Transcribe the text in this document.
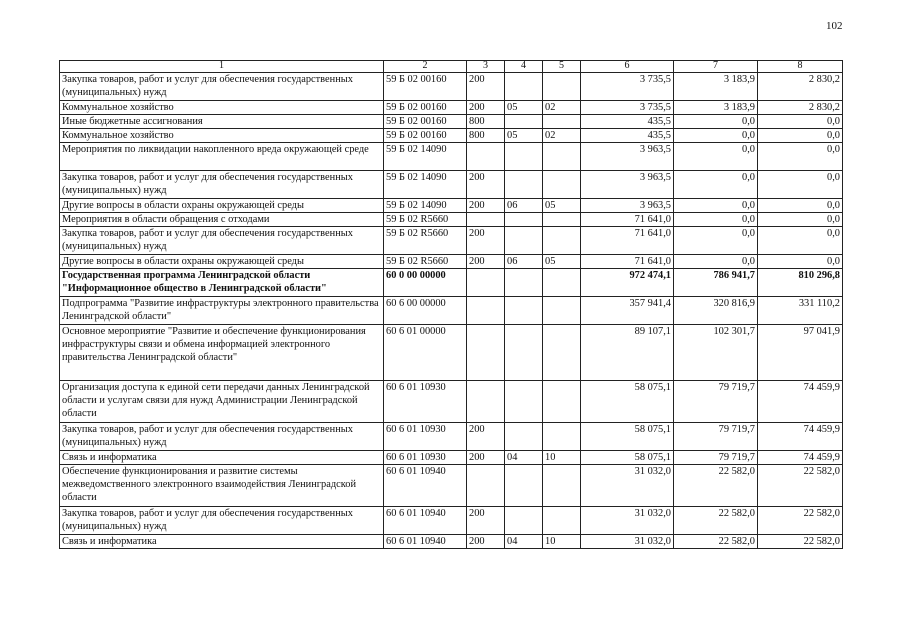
102
1	2	3	4	5	6	7	8
Закупка товаров, работ и услуг для обеспечения государственных (муниципальных) нужд	59 Б 02 00160	200			3 735,5	3 183,9	2 830,2
Коммунальное хозяйство	59 Б 02 00160	200	05	02	3 735,5	3 183,9	2 830,2
Иные бюджетные ассигнования	59 Б 02 00160	800			435,5	0,0	0,0
Коммунальное хозяйство	59 Б 02 00160	800	05	02	435,5	0,0	0,0
Мероприятия по ликвидации накопленного вреда окружающей среде	59 Б 02 14090				3 963,5	0,0	0,0
Закупка товаров, работ и услуг для обеспечения государственных (муниципальных) нужд	59 Б 02 14090	200			3 963,5	0,0	0,0
Другие вопросы в области охраны окружающей среды	59 Б 02 14090	200	06	05	3 963,5	0,0	0,0
Мероприятия в области обращения с отходами	59 Б 02 R5660				71 641,0	0,0	0,0
Закупка товаров, работ и услуг для обеспечения государственных (муниципальных) нужд	59 Б 02 R5660	200			71 641,0	0,0	0,0
Другие вопросы в области охраны окружающей среды	59 Б 02 R5660	200	06	05	71 641,0	0,0	0,0
Государственная программа Ленинградской области "Информационное общество в Ленинградской области"	60 0 00 00000				972 474,1	786 941,7	810 296,8
Подпрограмма "Развитие инфраструктуры электронного правительства Ленинградской области"	60 6 00 00000				357 941,4	320 816,9	331 110,2
Основное мероприятие "Развитие и обеспечение функционирования инфраструктуры связи и обмена информацией электронного правительства Ленинградской области"	60 6 01 00000				89 107,1	102 301,7	97 041,9
Организация доступа к единой сети передачи данных Ленинградской области и услугам связи для нужд Администрации Ленинградской области	60 6 01 10930				58 075,1	79 719,7	74 459,9
Закупка товаров, работ и услуг для обеспечения государственных (муниципальных) нужд	60 6 01 10930	200			58 075,1	79 719,7	74 459,9
Связь и информатика	60 6 01 10930	200	04	10	58 075,1	79 719,7	74 459,9
Обеспечение функционирования и развитие системы межведомственного электронного взаимодействия Ленинградской области	60 6 01 10940				31 032,0	22 582,0	22 582,0
Закупка товаров, работ и услуг для обеспечения государственных (муниципальных) нужд	60 6 01 10940	200			31 032,0	22 582,0	22 582,0
Связь и информатика	60 6 01 10940	200	04	10	31 032,0	22 582,0	22 582,0
